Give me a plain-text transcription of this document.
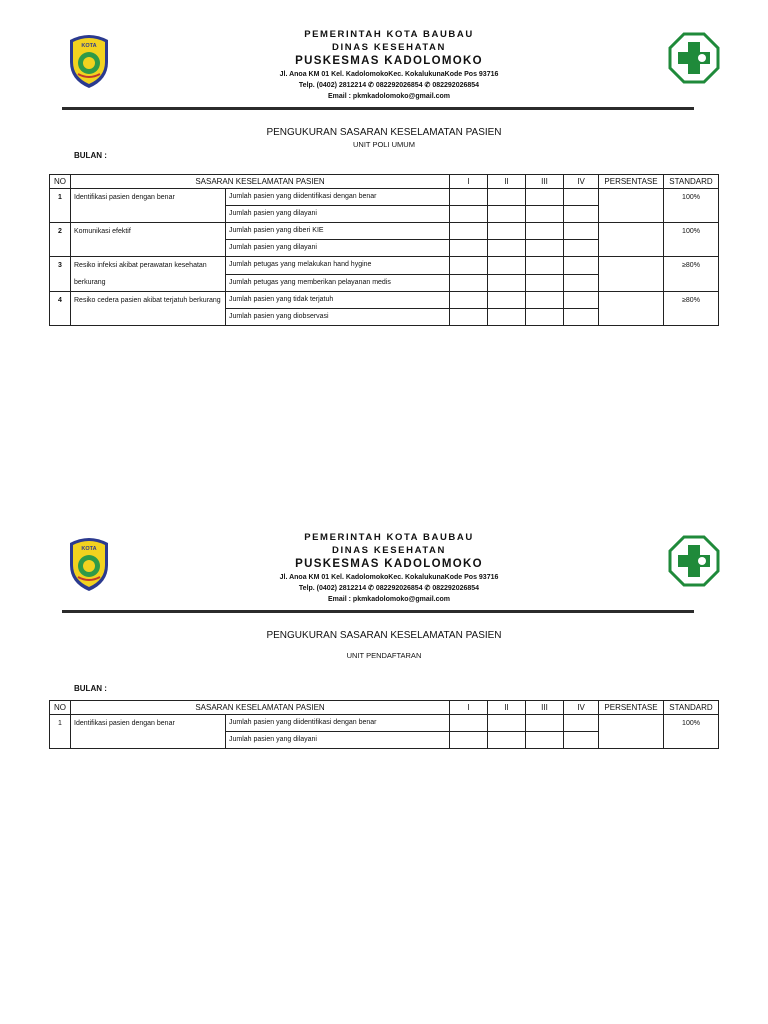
KOTA
PEMERINTAH KOTA BAUBAU
DINAS KESEHATAN
PUSKESMAS KADOLOMOKO
Jl. Anoa KM 01 Kel. KadolomokoKec. KokalukunaKode Pos 93716
Telp. (0402) 2812214 ✆ 082292026854 ✆ 082292026854
Email : pkmkadolomoko@gmail.com
PENGUKURAN SASARAN KESELAMATAN PASIEN
UNIT POLI UMUM
BULAN :
NO	SASARAN KESELAMATAN PASIEN		I	II	III	IV	PERSENTASE	STANDARD
1	Identifikasi pasien dengan benar	Jumlah pasien yang diidentifikasi dengan benar						100%
		Jumlah pasien yang dilayani						
2	Komunikasi efektif	Jumlah pasien yang diberi KIE						100%
		Jumlah pasien yang dilayani						
3	Resiko infeksi akibat perawatan kesehatan berkurang	Jumlah petugas yang melakukan hand hygine						≥80%
		Jumlah petugas yang memberikan pelayanan medis						
4	Resiko cedera pasien akibat terjatuh berkurang	Jumlah pasien yang tidak terjatuh						≥80%
		Jumlah pasien yang diobservasi						
KOTA
PEMERINTAH KOTA BAUBAU
DINAS KESEHATAN
PUSKESMAS KADOLOMOKO
Jl. Anoa KM 01 Kel. KadolomokoKec. KokalukunaKode Pos 93716
Telp. (0402) 2812214 ✆ 082292026854 ✆ 082292026854
Email : pkmkadolomoko@gmail.com
PENGUKURAN SASARAN KESELAMATAN PASIEN
UNIT PENDAFTARAN
BULAN :
NO	SASARAN KESELAMATAN PASIEN		I	II	III	IV	PERSENTASE	STANDARD
1	Identifikasi pasien dengan benar	Jumlah pasien yang diidentifikasi dengan benar						100%
		Jumlah pasien yang dilayani						
